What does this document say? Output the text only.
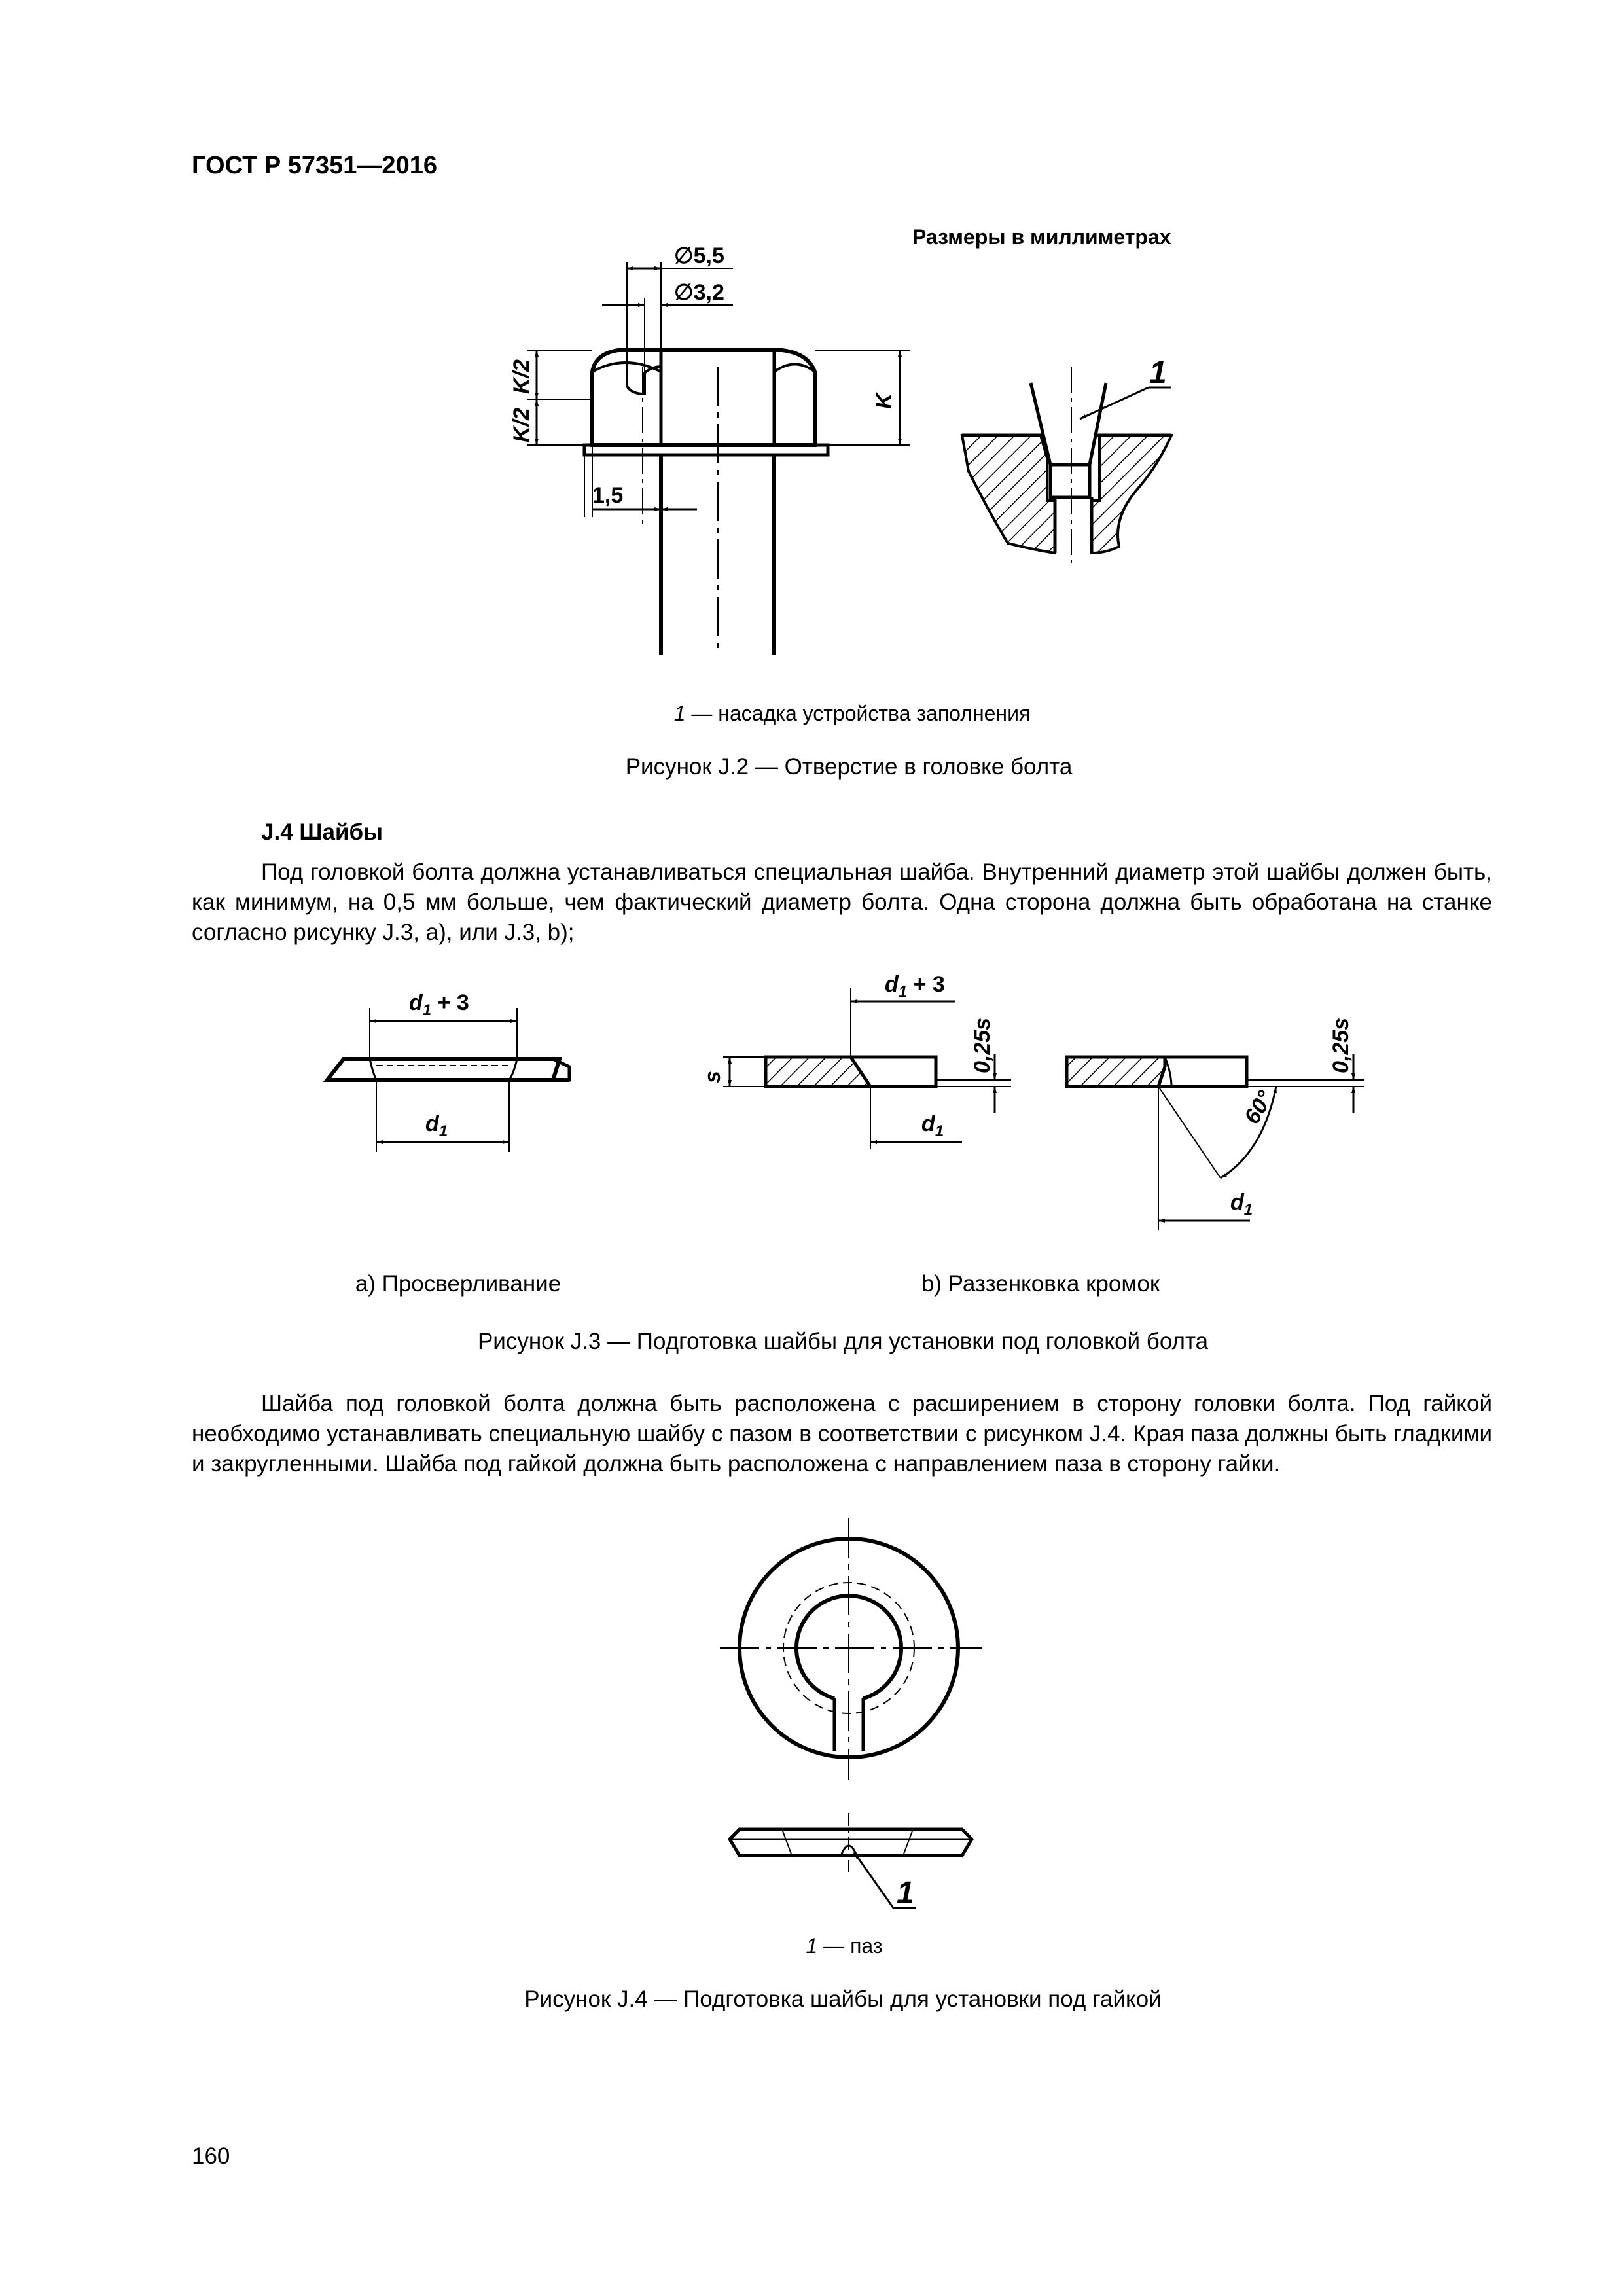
ГОСТ Р 57351—2016
Размеры в миллиметрах
∅5,5
∅3,2
K/2
K/2
K
1,5
1
$d_1 + 3$
$d_1$
$d_1 + 3$
$d_1$
s
0,25s
$d_1$
0,25s
60°
1
1 — насадка устройства заполнения
Рисунок J.2 — Отверстие в головке болта
J.4 Шайбы
Под головкой болта должна устанавливаться специальная шайба. Внутренний диаметр этой шайбы должен быть, как минимум, на 0,5 мм больше, чем фактический диаметр болта. Одна сторона должна быть обработана на станке согласно рисунку J.3, a), или J.3, b);
a) Просверливание	b) Раззенковка кромок
Рисунок J.3 — Подготовка шайбы для установки под головкой болта
Шайба под головкой болта должна быть расположена с расширением в сторону головки болта. Под гайкой необходимо устанавливать специальную шайбу с пазом в соответствии с рисунком J.4. Края паза должны быть гладкими и закругленными. Шайба под гайкой должна быть расположена с направлением паза в сторону гайки.
1 — паз
Рисунок J.4 — Подготовка шайбы для установки под гайкой
160
